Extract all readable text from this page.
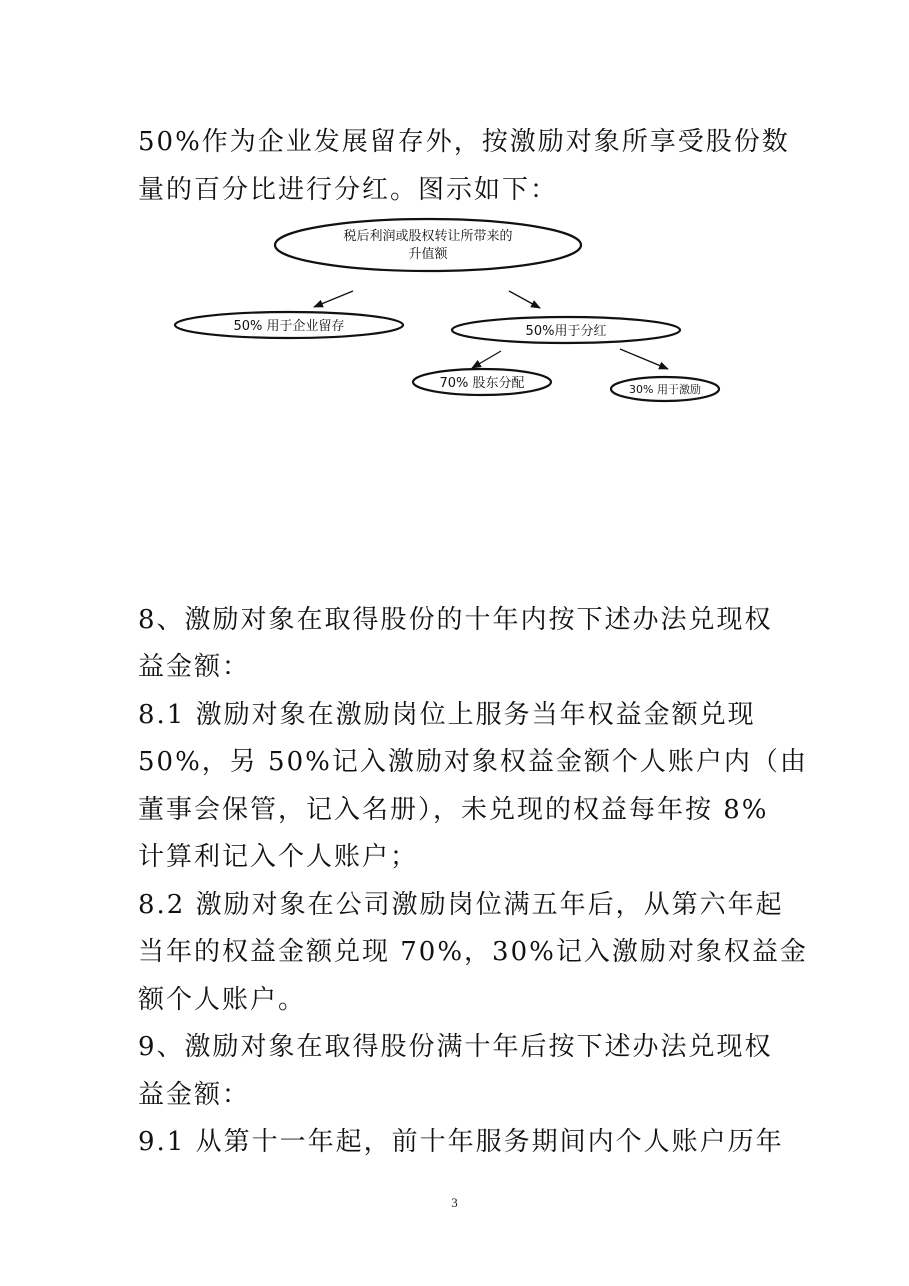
50%作为企业发展留存外，按激励对象所享受股份数

量的百分比进行分红。图示如下：

税后利润或股权转让所带来的
升值额
50% 用于企业留存	50%用于分红
70% 股东分配	30% 用于激励

8、激励对象在取得股份的十年内按下述办法兑现权

益金额：

8.1 激励对象在激励岗位上服务当年权益金额兑现

50%，另 50%记入激励对象权益金额个人账户内（由

董事会保管，记入名册），未兑现的权益每年按 8%

计算利记入个人账户；

8.2 激励对象在公司激励岗位满五年后，从第六年起

当年的权益金额兑现 70%，30%记入激励对象权益金

额个人账户。

9、激励对象在取得股份满十年后按下述办法兑现权

益金额：

9.1 从第十一年起，前十年服务期间内个人账户历年

3
